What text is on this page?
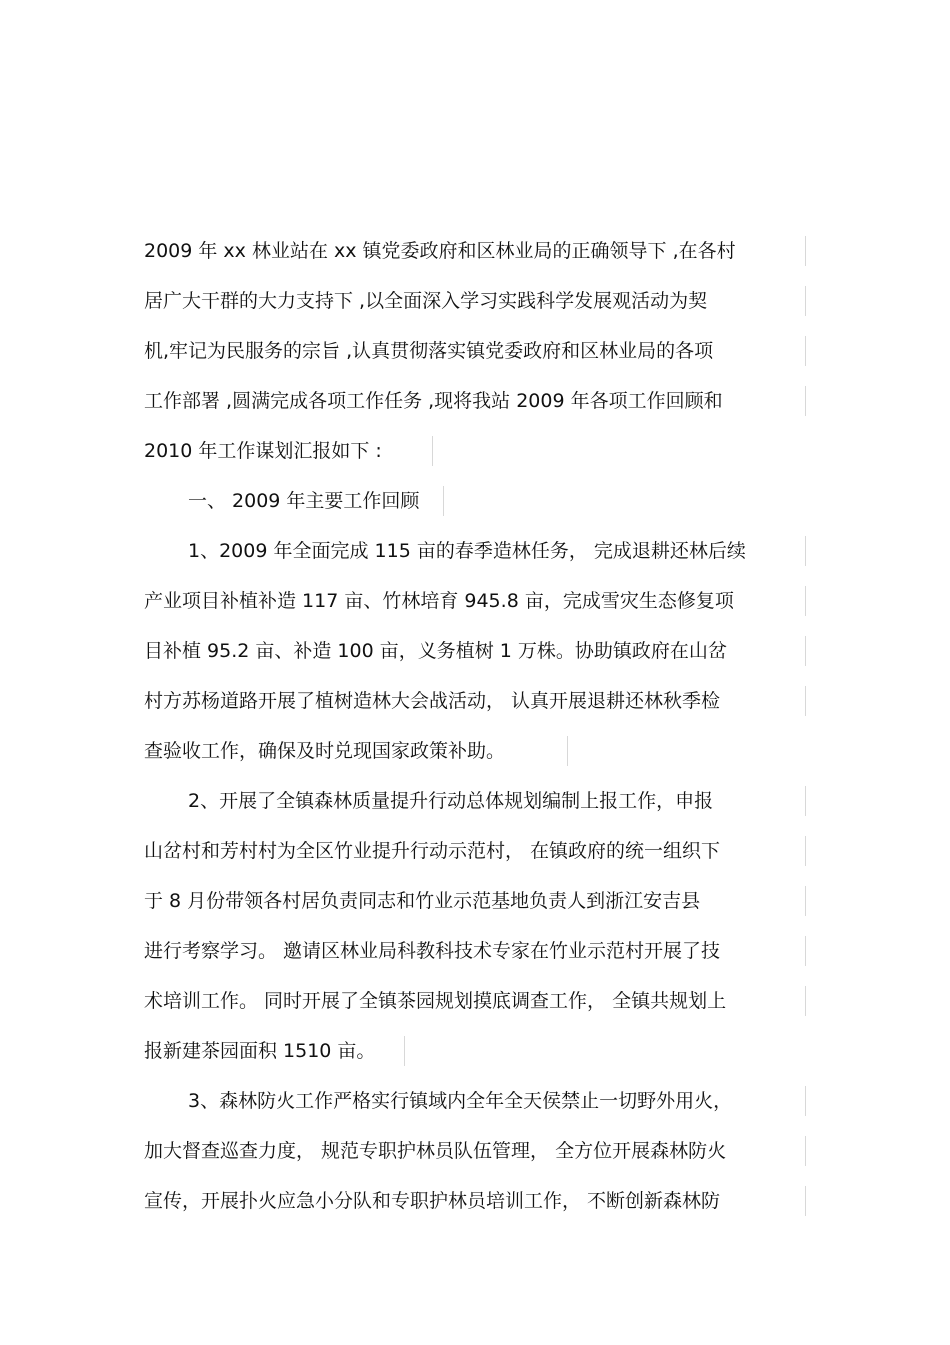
2009 年 xx 林业站在 xx 镇党委政府和区林业局的正确领导下 ,在各村
居广大干群的大力支持下 ,以全面深入学习实践科学发展观活动为契
机,牢记为民服务的宗旨 ,认真贯彻落实镇党委政府和区林业局的各项
工作部署 ,圆满完成各项工作任务 ,现将我站 2009 年各项工作回顾和
2010 年工作谋划汇报如下 :
一、 2009 年主要工作回顾
1、2009 年全面完成 115 亩的春季造林任务， 完成退耕还林后续
产业项目补植补造 117 亩、竹林培育 945.8 亩，完成雪灾生态修复项
目补植 95.2 亩、补造 100 亩，义务植树 1 万株。协助镇政府在山岔
村方苏杨道路开展了植树造林大会战活动， 认真开展退耕还林秋季检
查验收工作，确保及时兑现国家政策补助。
2、开展了全镇森林质量提升行动总体规划编制上报工作，申报
山岔村和芳村村为全区竹业提升行动示范村， 在镇政府的统一组织下
于 8 月份带领各村居负责同志和竹业示范基地负责人到浙江安吉县
进行考察学习。 邀请区林业局科教科技术专家在竹业示范村开展了技
术培训工作。 同时开展了全镇茶园规划摸底调查工作， 全镇共规划上
报新建茶园面积 1510 亩。
3、森林防火工作严格实行镇域内全年全天侯禁止一切野外用火，
加大督查巡查力度， 规范专职护林员队伍管理， 全方位开展森林防火
宣传，开展扑火应急小分队和专职护林员培训工作， 不断创新森林防
